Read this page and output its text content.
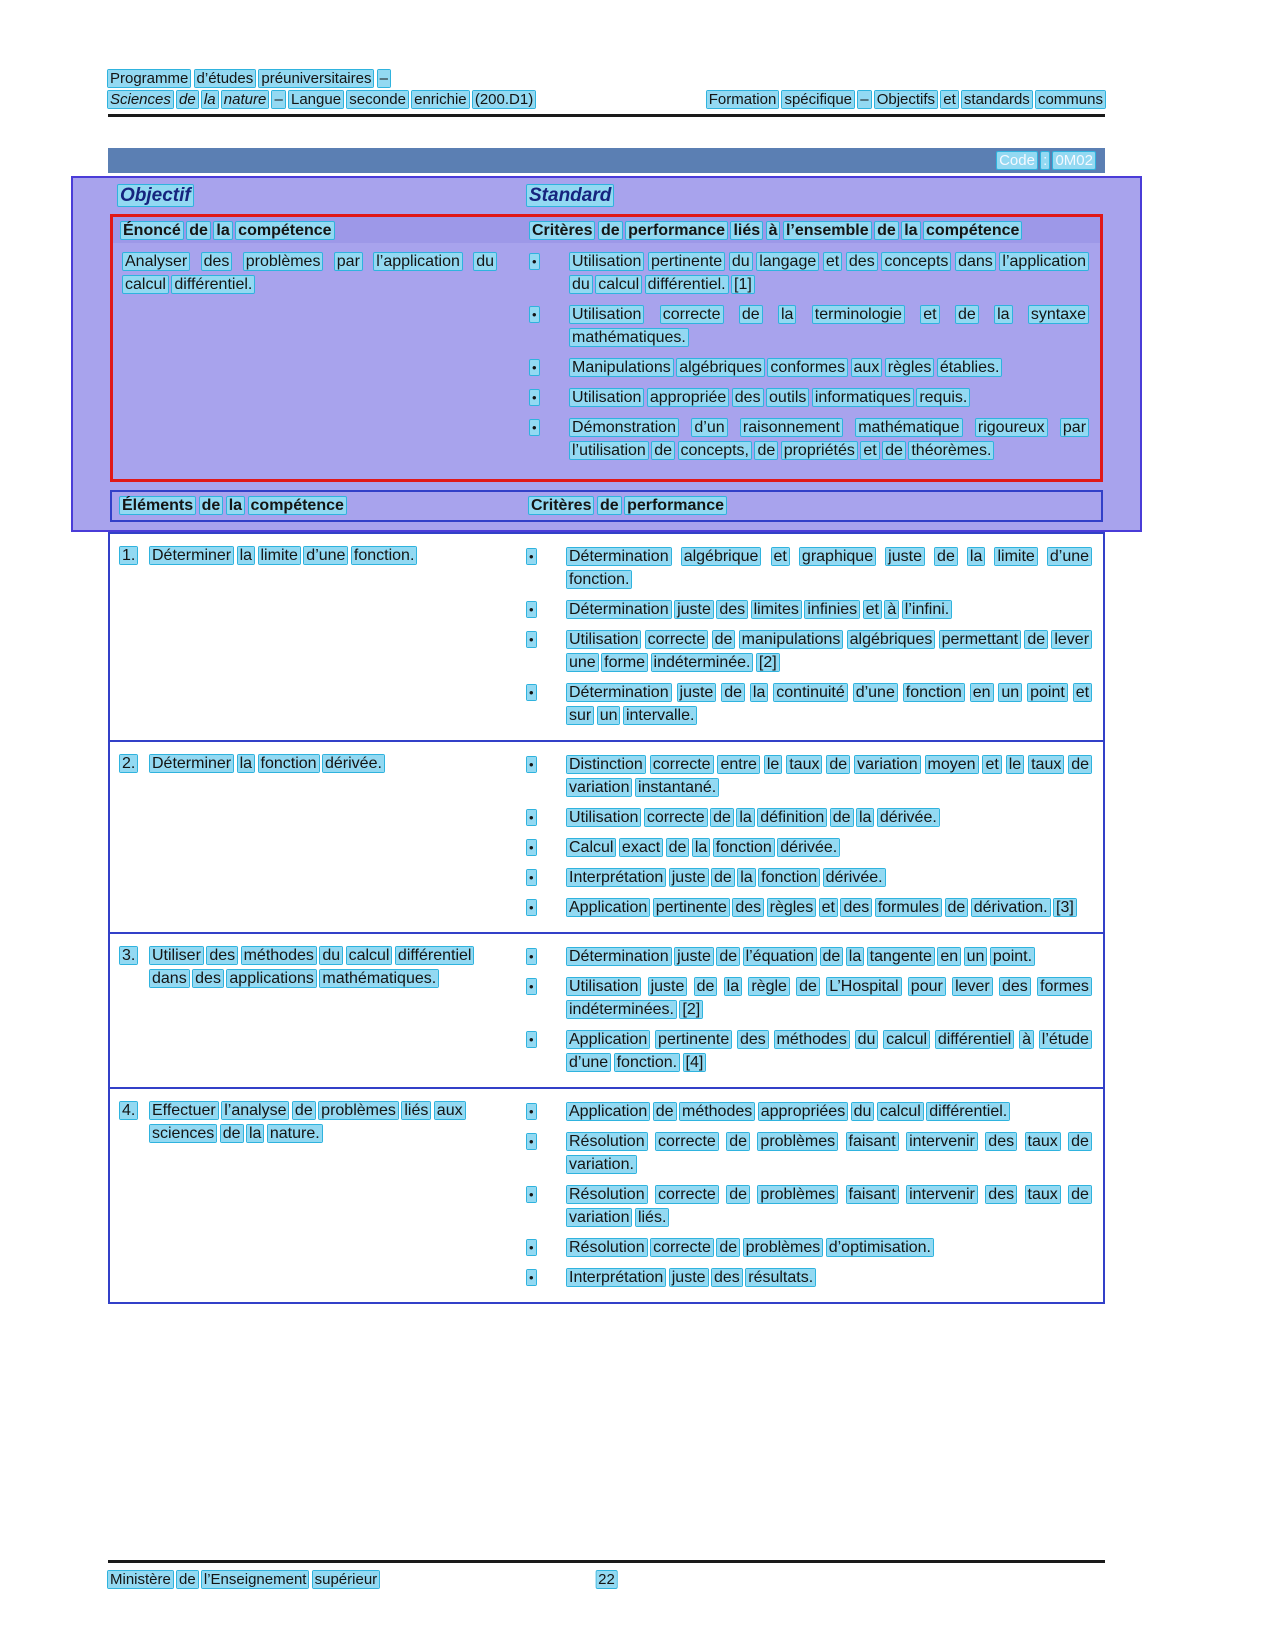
Programme d’études préuniversitaires –
Sciences de la nature – Langue seconde enrichie (200.D1)	Formation spécifique – Objectifs et standards communs
Code : 0M02
Objectif	Standard
Énoncé de la compétence	Critères de performance liés à l’ensemble de la compétence
Analyser des problèmes par l’application du calcul différentiel.
•	Utilisation pertinente du langage et des concepts dans l’application du calcul différentiel. [1]
•	Utilisation correcte de la terminologie et de la syntaxe mathématiques.
•	Manipulations algébriques conformes aux règles établies.
•	Utilisation appropriée des outils informatiques requis.
•	Démonstration d’un raisonnement mathématique rigoureux par l’utilisation de concepts, de propriétés et de théorèmes.
Éléments de la compétence	Critères de performance
1.	Déterminer la limite d’une fonction.	•	Détermination algébrique et graphique juste de la limite d’une fonction.
•	Détermination juste des limites infinies et à l’infini.
•	Utilisation correcte de manipulations algébriques permettant de lever une forme indéterminée. [2]
•	Détermination juste de la continuité d’une fonction en un point et sur un intervalle.
2.	Déterminer la fonction dérivée.	•	Distinction correcte entre le taux de variation moyen et le taux de variation instantané.
•	Utilisation correcte de la définition de la dérivée.
•	Calcul exact de la fonction dérivée.
•	Interprétation juste de la fonction dérivée.
•	Application pertinente des règles et des formules de dérivation. [3]
3.	Utiliser des méthodes du calcul différentiel dans des applications mathématiques.
•	Détermination juste de l’équation de la tangente en un point.
•	Utilisation juste de la règle de L’Hospital pour lever des formes indéterminées. [2]
•	Application pertinente des méthodes du calcul différentiel à l’étude d’une fonction. [4]
4.	Effectuer l’analyse de problèmes liés aux sciences de la nature.
•	Application de méthodes appropriées du calcul différentiel.
•	Résolution correcte de problèmes faisant intervenir des taux de variation.
•	Résolution correcte de problèmes faisant intervenir des taux de variation liés.
•	Résolution correcte de problèmes d’optimisation.
•	Interprétation juste des résultats.
Ministère de l’Enseignement supérieur	22
